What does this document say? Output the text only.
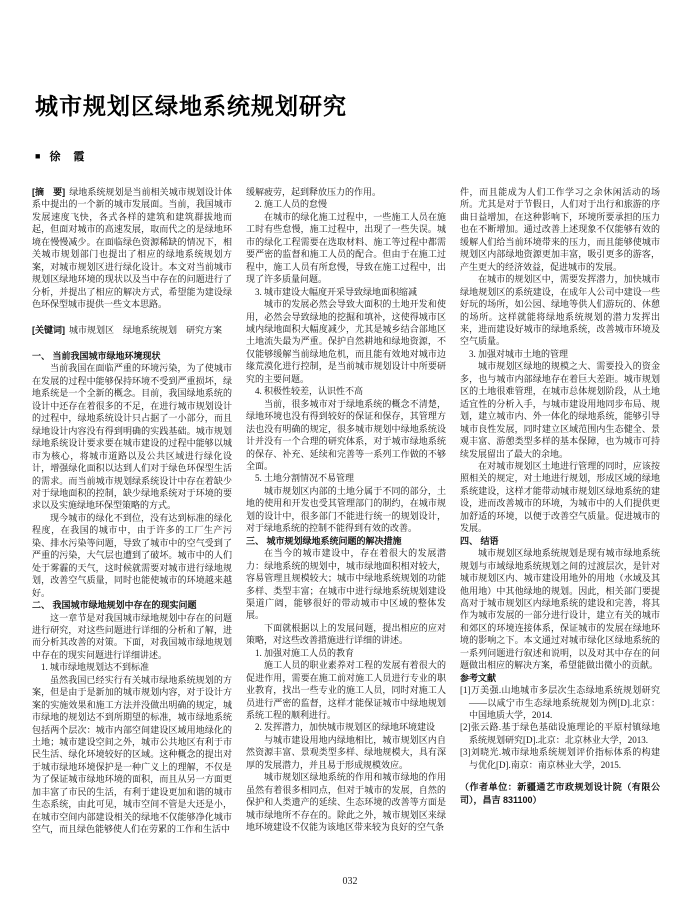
城市规划区绿地系统规划研究
■ 徐　霞

[摘　要] 绿地系统规划是当前相关城市规划设计体系中提出的一个新的城市发展面。当前，我国城市发展速度飞快，各式各样的建筑和建筑群拔地而起，但面对城市的高速发展，取而代之的是绿地环境在慢慢减少。在面临绿色资源稀缺的情况下，相关城市规划部门也提出了相应的绿地系统规划方案，对城市规划区进行绿化设计。本文对当前城市规划区绿地环境的现状以及当中存在的问题进行了分析，并提出了相应的解决方式，希望能为建设绿色环保型城市提供一些文本思路。

[关键词] 城市规划区　绿地系统规划　研究方案

一、 当前我国城市绿地环境现状

当前我国在面临严重的环境污染，为了使城市在发展的过程中能够保持环境不受到严重损坏，绿地系统是一个全新的概念。目前，我国绿地系统的设计中还存在着很多的不足，在进行城市规划设计的过程中，绿地系统设计只占据了一小部分，而且绿地设计内容没有得到明确的实践基础。城市规划绿地系统设计要求要在城市建设的过程中能够以城市为核心，将城市道路以及公共区域进行绿化设计，增强绿化面积以达到人们对于绿色环保型生活的需求。而当前城市规划绿系统设计中存在着缺少对于绿地面积的控制，缺少绿地系统对于环境的要求以及实施绿地环保型策略的方式。

现今城市的绿化不到位，没有达到标准的绿化程度，在我国的城市中，由于许多的工厂生产污染、排水污染等问题，导致了城市中的空气受到了严重的污染，大气层也遭到了破坏。城市中的人们处于雾霾的天气，这时候就需要对城市进行绿地规划，改善空气质量，同时也能使城市的环境越来越好。

二、 我国城市绿地规划中存在的现实问题

这一章节是对我国城市绿地规划中存在的问题进行研究，对这些问题进行详细的分析和了解，进而分析其改善的对策。下面，对我国城市绿地规划中存在的现实问题进行详细讲述。

1. 城市绿地规划达不到标准

虽然我国已经实行有关城市绿地系统规划的方案，但是由于是新加的城市规划内容，对于设计方案的实施效果和施工方法并没做出明确的规定，城市绿地的规划达不到所期望的标准，城市绿地系统包括两个层次：城市内部空间建设区域用地绿化的土地；城市建设空间之外，城市公共地区有利于市民生活、绿化环境较好的区域。这种概念的提出对于城市绿地环境保护是一种广义上的理解，不仅是为了保证城市绿地环境的面积，而且从另一方面更加丰富了市民的生活，有利于建设更加和谐的城市生态系统，由此可见，城市空间不管是大还是小，在城市空间内部建设相关的绿地不仅能够净化城市空气，而且绿色能够使人们在劳累的工作和生活中

缓解疲劳，起到释放压力的作用。

2. 施工人员的怠慢

在城市的绿化施工过程中，一些施工人员在施工时有些怠慢，施工过程中，出现了一些失误。城市的绿化工程需要在选取材料、施工等过程中都需要严密的监督和施工人员的配合。但由于在施工过程中，施工人员有所怠慢，导致在施工过程中，出现了许多质量问题。

3. 城市建设大幅度开采导致绿地面积缩减

城市的发展必然会导致大面积的土地开发和使用，必然会导致绿地的挖掘和填补，这使得城市区域内绿地面积大幅度减少，尤其是城乡结合部地区土地流失最为严重。保护自然耕地和绿地资源，不仅能够缓解当前绿地危机，而且能有效地对城市边缘荒漠化进行控制，是当前城市规划设计中所要研究的主要问题。

4. 积极性较差，认识性不高

当前，很多城市对于绿地系统的概念不清楚，绿地环境也没有得到较好的保证和保存，其管理方法也没有明确的规定，很多城市规划中绿地系统设计并没有一个合理的研究体系，对于城市绿地系统的保存、补充、延续和完善等一系列工作做的不够全面。

5. 土地分割情况不易管理

城市规划区内部的土地分属于不同的部分，土地的使用和开发也受其管理部门的制约，在城市规划的设计中，很多部门不能进行统一的规划设计，对于绿地系统的控制不能得到有效的改善。

三、 城市规划绿地系统问题的解决措施

在当今的城市建设中，存在着很大的发展潜力：绿地系统的规划中，城市绿地面积相对较大，容易管理且规模较大；城市中绿地系统规划的功能多样、类型丰富；在城市中进行绿地系统规划建设渠道广阔，能够很好的带动城市中区域的整体发展。

下面就根据以上的发展问题，提出相应的应对策略，对这些改善措施进行详细的讲述。

1. 加强对施工人员的教育

施工人员的职业素养对工程的发展有着很大的促进作用，需要在施工前对施工人员进行专业的职业教育，找出一些专业的施工人员，同时对施工人员进行严密的监督，这样才能保证城市中绿地规划系统工程的顺利进行。

2. 发挥潜力，加快城市规划区的绿地环境建设

与城市建设用地内绿地相比，城市规划区内自然资源丰富、景观类型多样、绿地规模大，具有深厚的发展潜力，并且易于形成规模效应。

城市规划区绿地系统的作用和城市绿地的作用虽然有着很多相同点，但对于城市的发展，自然的保护和人类遗产的延续、生态环境的改善等方面是城市绿地所不存在的。除此之外，城市规划区来绿地环境建设不仅能为该地区带来较为良好的空气条

件，而且能成为人们工作学习之余休闲活动的场所。尤其是对于节假日，人们对于出行和旅游的序曲日益增加，在这种影响下，环境所要承担的压力也在不断增加。通过改善上述现象不仅能够有效的缓解人们给当前环境带来的压力，而且能够使城市规划区内部绿地资源更加丰富，吸引更多的游客，产生更大的经济效益，促进城市的发展。

在城市的规划区中，需要发挥潜力，加快城市绿地规划区的系统建设，在成年人公司中建设一些好玩的场所，如公园、绿地等供人们游玩的、休憩的场所。这样就能将绿地系统规划的潜力发挥出来，进而建设好城市的绿地系统，改善城市环境及空气质量。

3. 加强对城市土地的管理

城市规划区绿地的规模之大、需要投入的资金多，也与城市内部绿地存在着巨大差距。城市规划区的土地很难管理，在城市总体规划阶段，从土地适宜性的分析入手，与城市建设用地同步布局、规划，建立城市内、外一体化的绿地系统，能够引导城市良性发展，同时建立区域范围内生态健全、景观丰富、游憩类型多样的基本保障，也为城市可持续发展留出了最大的余地。

在对城市规划区土地进行管理的同时，应该按照相关的规定，对土地进行规划，形成区域的绿地系统建设，这样才能带动城市规划区绿地系统的建设，进而改善城市的环境，为城市中的人们提供更加舒适的环境，以便于改善空气质量。促进城市的发展。

四、 结语

城市规划区绿地系统规划是现有城市绿地系统规划与市域绿地系统规划之间的过渡层次，是针对城市规划区内、城市建设用地外的用地（水域及其他用地）中其他绿地的规划。因此，相关部门要提高对于城市规划区内绿地系统的建设和完善，将其作为城市发展的一部分进行设计，建立有关的城市和郊区的环境连接体系，保证城市的发展在绿地环境的影响之下。本文通过对城市绿化区绿地系统的一系列问题进行叙述和说明，以及对其中存在的问题做出相应的解决方案，希望能做出微小的贡献。

参考文献

[1]万美强.山地城市多层次生态绿地系统规划研究——以咸宁市生态绿地系统规划为例[D].北京：中国地质大学，2014.

[2]张云路.基于绿色基础设施理论的平原村镇绿地系统规划研究[D].北京：北京林业大学，2013.

[3]刘晓光.城市绿地系统规划评价指标体系的构建与优化[D].南京：南京林业大学，2015.

（作者单位：新疆通艺市政规划设计院（有限公司），昌吉 831100）

032
